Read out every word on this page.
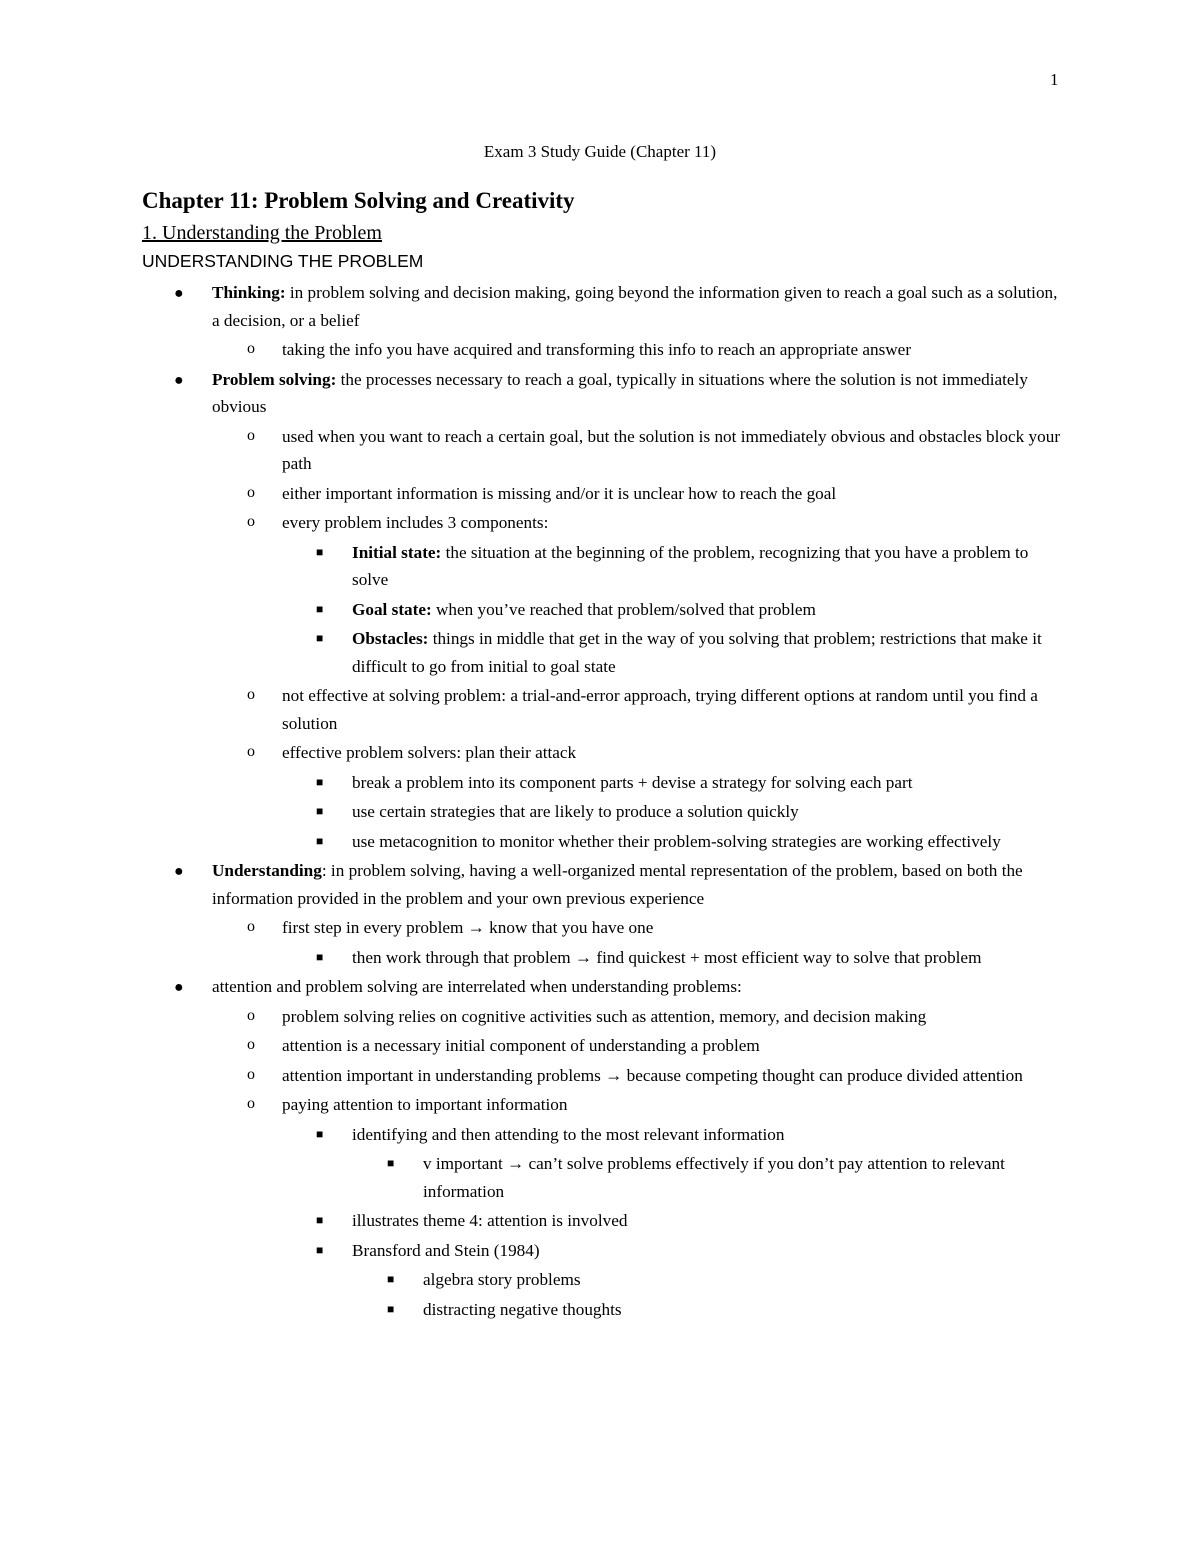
1
Exam 3 Study Guide (Chapter 11)
Chapter 11: Problem Solving and Creativity
1. Understanding the Problem
UNDERSTANDING THE PROBLEM
● Thinking: in problem solving and decision making, going beyond the information given to reach a goal such as a solution, a decision, or a belief
o taking the info you have acquired and transforming this info to reach an appropriate answer
● Problem solving: the processes necessary to reach a goal, typically in situations where the solution is not immediately obvious
o used when you want to reach a certain goal, but the solution is not immediately obvious and obstacles block your path
o either important information is missing and/or it is unclear how to reach the goal
o every problem includes 3 components:
■ Initial state: the situation at the beginning of the problem, recognizing that you have a problem to solve
■ Goal state: when you’ve reached that problem/solved that problem
■ Obstacles: things in middle that get in the way of you solving that problem; restrictions that make it difficult to go from initial to goal state
o not effective at solving problem: a trial-and-error approach, trying different options at random until you find a solution
o effective problem solvers: plan their attack
■ break a problem into its component parts + devise a strategy for solving each part
■ use certain strategies that are likely to produce a solution quickly
■ use metacognition to monitor whether their problem-solving strategies are working effectively
● Understanding: in problem solving, having a well-organized mental representation of the problem, based on both the information provided in the problem and your own previous experience
o first step in every problem → know that you have one
■ then work through that problem → find quickest + most efficient way to solve that problem
● attention and problem solving are interrelated when understanding problems:
o problem solving relies on cognitive activities such as attention, memory, and decision making
o attention is a necessary initial component of understanding a problem
o attention important in understanding problems → because competing thought can produce divided attention
o paying attention to important information
■ identifying and then attending to the most relevant information
■ v important → can’t solve problems effectively if you don’t pay attention to relevant information
■ illustrates theme 4: attention is involved
■ Bransford and Stein (1984)
■ algebra story problems
■ distracting negative thoughts
